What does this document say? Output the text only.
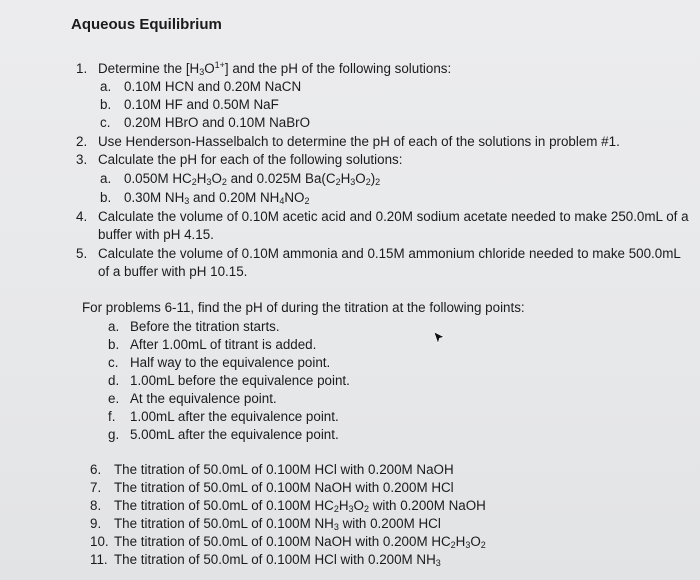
Aqueous Equilibrium
1. Determine the $[H_3O^{1+}]$ and the pH of the following solutions:
a. 0.10M HCN and 0.20M NaCN
b. 0.10M HF and 0.50M NaF
c. 0.20M HBrO and 0.10M NaBrO
2. Use Henderson-Hasselbalch to determine the pH of each of the solutions in problem #1.
3. Calculate the pH for each of the following solutions:
a. 0.050M $HC_2H_3O_2$ and 0.025M $Ba(C_2H_3O_2)_2$
b. 0.30M $NH_3$ and 0.20M $NH_4NO_2$
4. Calculate the volume of 0.10M acetic acid and 0.20M sodium acetate needed to make 250.0mL of a
buffer with pH 4.15.
5. Calculate the volume of 0.10M ammonia and 0.15M ammonium chloride needed to make 500.0mL
of a buffer with pH 10.15.
For problems 6-11, find the pH of during the titration at the following points:
a. Before the titration starts.
b. After 1.00mL of titrant is added.
c. Half way to the equivalence point.
d. 1.00mL before the equivalence point.
e. At the equivalence point.
f. 1.00mL after the equivalence point.
g. 5.00mL after the equivalence point.
6. The titration of 50.0mL of 0.100M HCl with 0.200M NaOH
7. The titration of 50.0mL of 0.100M NaOH with 0.200M HCl
8. The titration of 50.0mL of 0.100M $HC_2H_3O_2$ with 0.200M NaOH
9. The titration of 50.0mL of 0.100M $NH_3$ with 0.200M HCl
10. The titration of 50.0mL of 0.100M NaOH with 0.200M $HC_2H_3O_2$
11. The titration of 50.0mL of 0.100M HCl with 0.200M $NH_3$
